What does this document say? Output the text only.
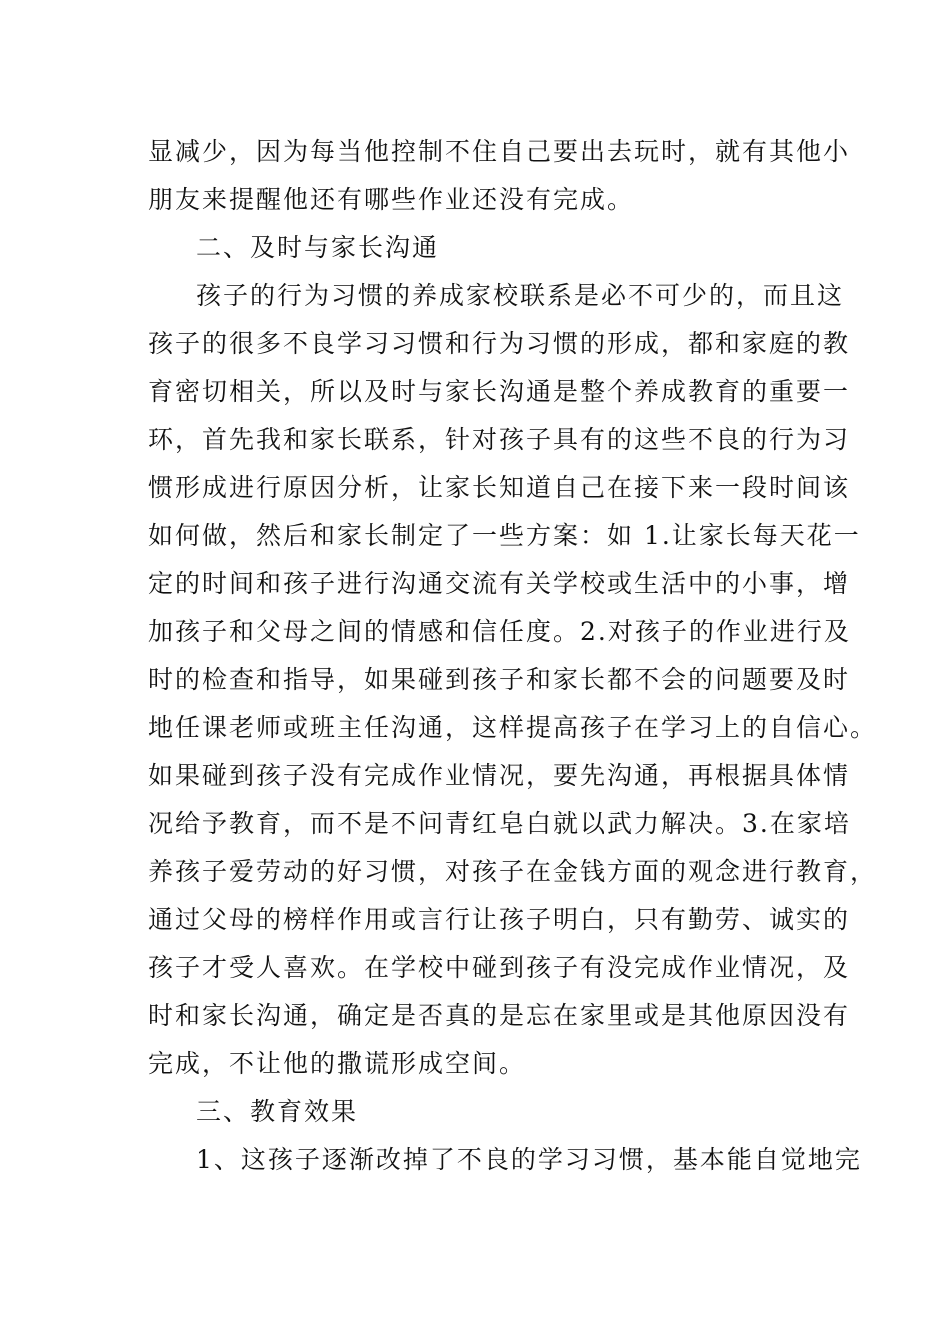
显减少，因为每当他控制不住自己要出去玩时，就有其他小
朋友来提醒他还有哪些作业还没有完成。
二、及时与家长沟通
孩子的行为习惯的养成家校联系是必不可少的，而且这
孩子的很多不良学习习惯和行为习惯的形成，都和家庭的教
育密切相关，所以及时与家长沟通是整个养成教育的重要一
环，首先我和家长联系，针对孩子具有的这些不良的行为习
惯形成进行原因分析，让家长知道自己在接下来一段时间该
如何做，然后和家长制定了一些方案：如 1.让家长每天花一
定的时间和孩子进行沟通交流有关学校或生活中的小事，增
加孩子和父母之间的情感和信任度。2.对孩子的作业进行及
时的检查和指导，如果碰到孩子和家长都不会的问题要及时
地任课老师或班主任沟通，这样提高孩子在学习上的自信心。
如果碰到孩子没有完成作业情况，要先沟通，再根据具体情
况给予教育，而不是不问青红皂白就以武力解决。3.在家培
养孩子爱劳动的好习惯，对孩子在金钱方面的观念进行教育，
通过父母的榜样作用或言行让孩子明白，只有勤劳、诚实的
孩子才受人喜欢。在学校中碰到孩子有没完成作业情况，及
时和家长沟通，确定是否真的是忘在家里或是其他原因没有
完成，不让他的撒谎形成空间。
三、教育效果
1、这孩子逐渐改掉了不良的学习习惯，基本能自觉地完
